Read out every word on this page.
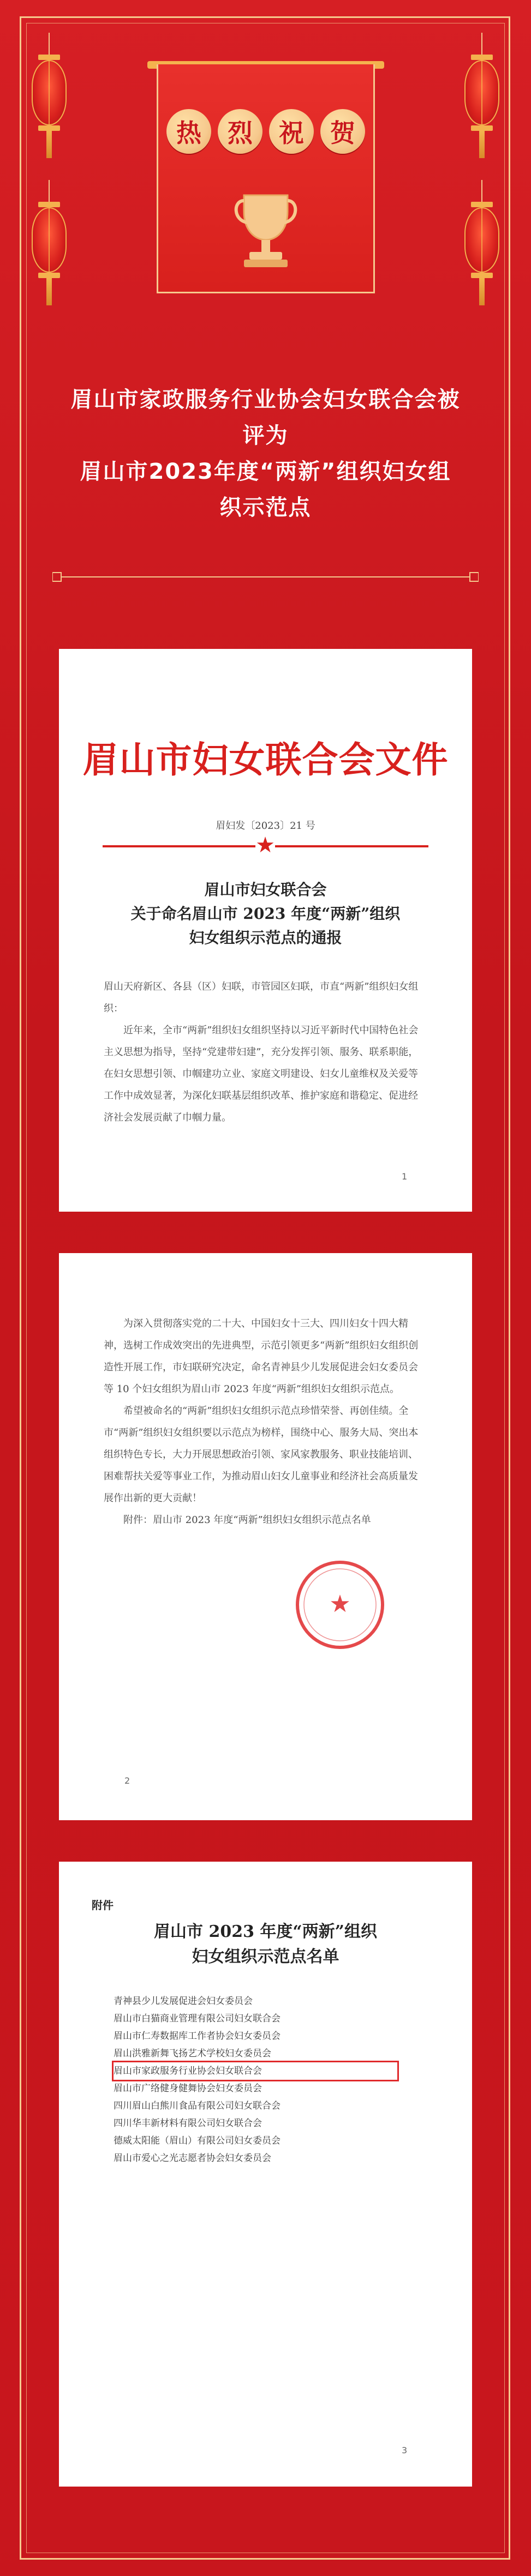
热	烈	祝	贺
眉山市家政服务行业协会妇女联合会被
评为
眉山市2023年度“两新”组织妇女组
织示范点
眉山市妇女联合会文件
眉妇发〔2023〕21 号
★
眉山市妇女联合会
关于命名眉山市 2023 年度“两新”组织
妇女组织示范点的通报

眉山天府新区、各县（区）妇联，市管园区妇联，市直“两新”组织妇女组织：

近年来，全市“两新”组织妇女组织坚持以习近平新时代中国特色社会主义思想为指导，坚持“党建带妇建”，充分发挥引领、服务、联系职能，在妇女思想引领、巾帼建功立业、家庭文明建设、妇女儿童维权及关爱等工作中成效显著，为深化妇联基层组织改革、推护家庭和谐稳定、促进经济社会发展贡献了巾帼力量。

1

为深入贯彻落实党的二十大、中国妇女十三大、四川妇女十四大精神，选树工作成效突出的先进典型，示范引领更多“两新”组织妇女组织创造性开展工作，市妇联研究决定，命名青神县少儿发展促进会妇女委员会等 10 个妇女组织为眉山市 2023 年度“两新”组织妇女组织示范点。

希望被命名的“两新”组织妇女组织示范点珍惜荣誉、再创佳绩。全市“两新”组织妇女组织要以示范点为榜样，围绕中心、服务大局、突出本组织特色专长，大力开展思想政治引领、家风家教服务、职业技能培训、困难帮扶关爱等事业工作，为推动眉山妇女儿童事业和经济社会高质量发展作出新的更大贡献！

附件：眉山市 2023 年度“两新”组织妇女组织示范点名单

★
2
附件
眉山市 2023 年度“两新”组织
妇女组织示范点名单
青神县少儿发展促进会妇女委员会
眉山市白猫商业管理有限公司妇女联合会
眉山市仁寿数据库工作者协会妇女委员会
眉山洪雅新舞飞扬艺术学校妇女委员会
眉山市家政服务行业协会妇女联合会
眉山市广络健身健舞协会妇女委员会
四川眉山白熊川食品有限公司妇女联合会
四川华丰新材料有限公司妇女联合会
德威太阳能（眉山）有限公司妇女委员会
眉山市爱心之光志愿者协会妇女委员会
3
